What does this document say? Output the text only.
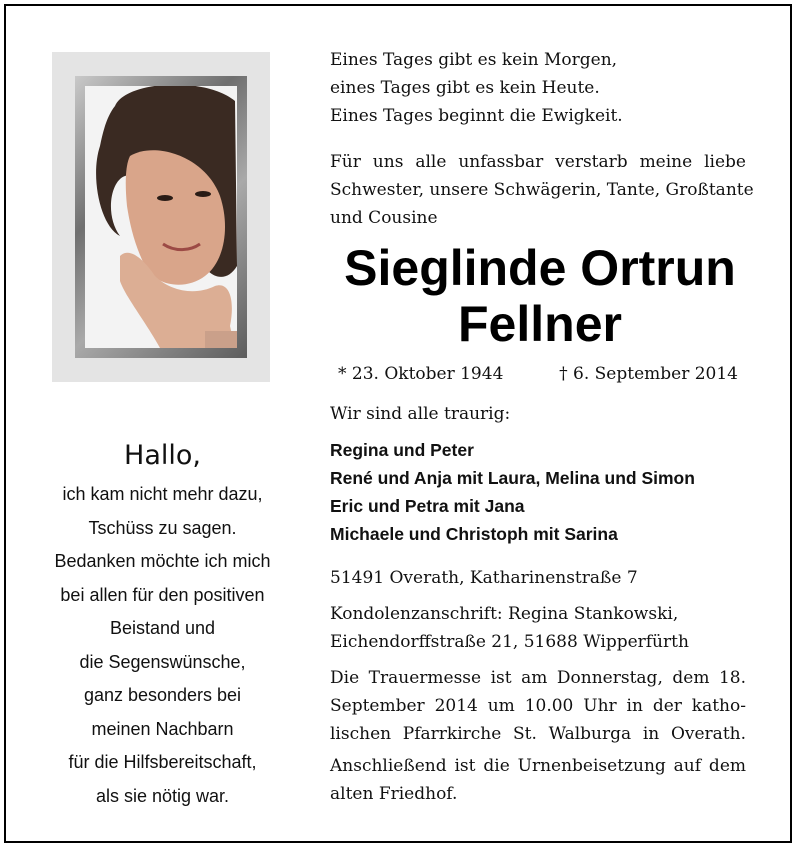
Hallo,
ich kam nicht mehr dazu,
Tschüss zu sagen.
Bedanken möchte ich mich
bei allen für den positiven
Beistand und
die Segenswünsche,
ganz besonders bei
meinen Nachbarn
für die Hilfsbereitschaft,
als sie nötig war.
Eines Tages gibt es kein Morgen,
eines Tages gibt es kein Heute.
Eines Tages beginnt die Ewigkeit.
Für uns alle unfassbar verstarb meine liebe
Schwester, unsere Schwägerin, Tante, Großtante
und Cousine
Sieglinde Ortrun
Fellner
* 23. Oktober 1944	† 6. September 2014
Wir sind alle traurig:
Regina und Peter
René und Anja mit Laura, Melina und Simon
Eric und Petra mit Jana
Michaele und Christoph mit Sarina
51491 Overath, Katharinenstraße 7
Kondolenzanschrift: Regina Stankowski,
Eichendorffstraße 21, 51688 Wipperfürth
Die Trauermesse ist am Donnerstag, dem 18.
September 2014 um 10.00 Uhr in der katho-
lischen Pfarrkirche St. Walburga in Overath.
Anschließend ist die Urnenbeisetzung auf dem
alten Friedhof.
